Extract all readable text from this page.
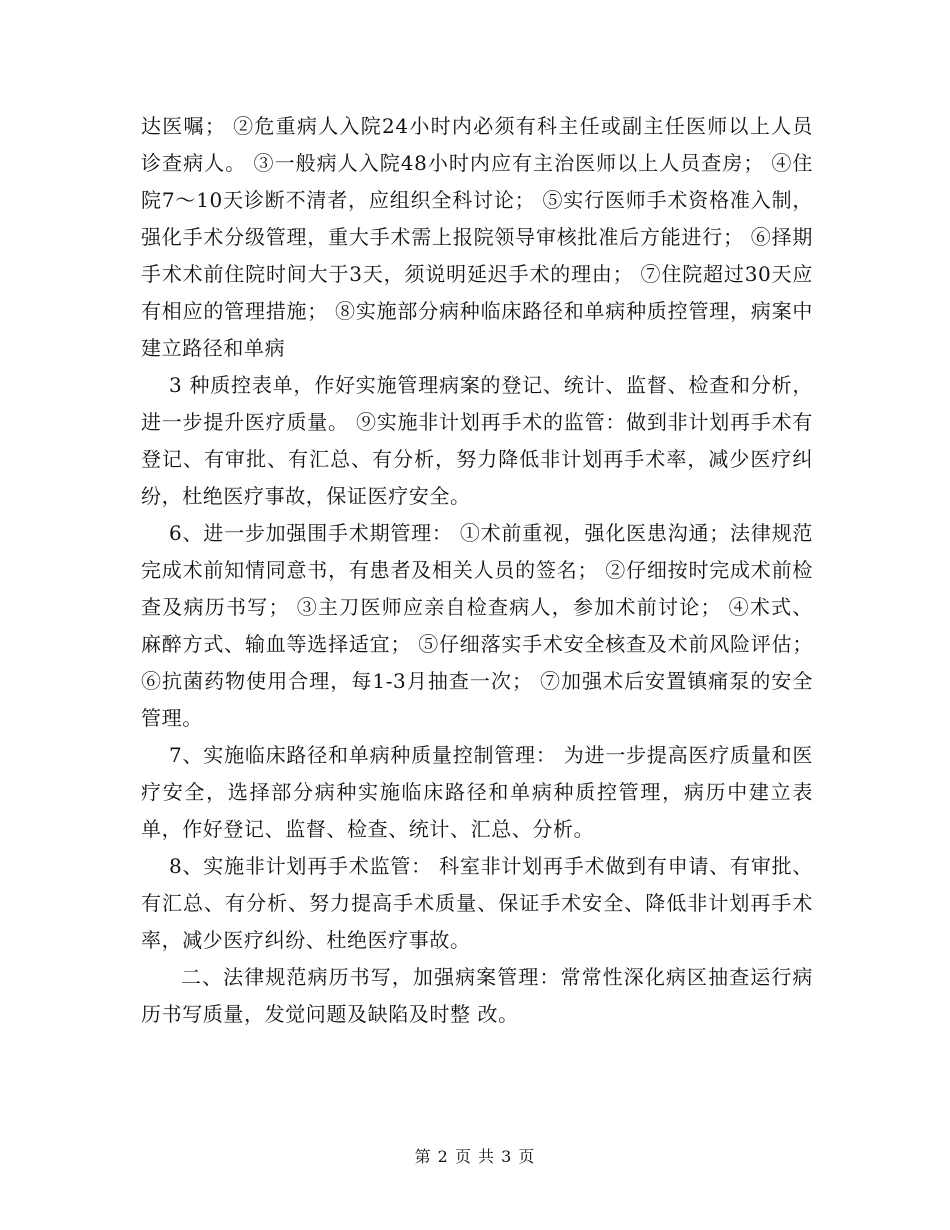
达医嘱； ②危重病人入院24小时内必须有科主任或副主任医师以上人员诊查病人。 ③一般病人入院48小时内应有主治医师以上人员查房； ④住院7～10天诊断不清者，应组织全科讨论； ⑤实行医师手术资格准入制，强化手术分级管理，重大手术需上报院领导审核批准后方能进行； ⑥择期手术术前住院时间大于3天，须说明延迟手术的理由； ⑦住院超过30天应有相应的管理措施； ⑧实施部分病种临床路径和单病种质控管理，病案中建立路径和单病

3 种质控表单，作好实施管理病案的登记、统计、监督、检查和分析，进一步提升医疗质量。 ⑨实施非计划再手术的监管：做到非计划再手术有登记、有审批、有汇总、有分析，努力降低非计划再手术率，减少医疗纠纷，杜绝医疗事故，保证医疗安全。

6、进一步加强围手术期管理： ①术前重视，强化医患沟通；法律规范完成术前知情同意书，有患者及相关人员的签名； ②仔细按时完成术前检查及病历书写； ③主刀医师应亲自检查病人，参加术前讨论； ④术式、麻醉方式、输血等选择适宜； ⑤仔细落实手术安全核查及术前风险评估； ⑥抗菌药物使用合理，每1-3月抽查一次； ⑦加强术后安置镇痛泵的安全管理。

7、实施临床路径和单病种质量控制管理： 为进一步提高医疗质量和医疗安全，选择部分病种实施临床路径和单病种质控管理，病历中建立表单，作好登记、监督、检查、统计、汇总、分析。

8、实施非计划再手术监管： 科室非计划再手术做到有申请、有审批、有汇总、有分析、努力提高手术质量、保证手术安全、降低非计划再手术率，减少医疗纠纷、杜绝医疗事故。

二、法律规范病历书写，加强病案管理：常常性深化病区抽查运行病历书写质量，发觉问题及缺陷及时整 改。

第 2 页 共 3 页
